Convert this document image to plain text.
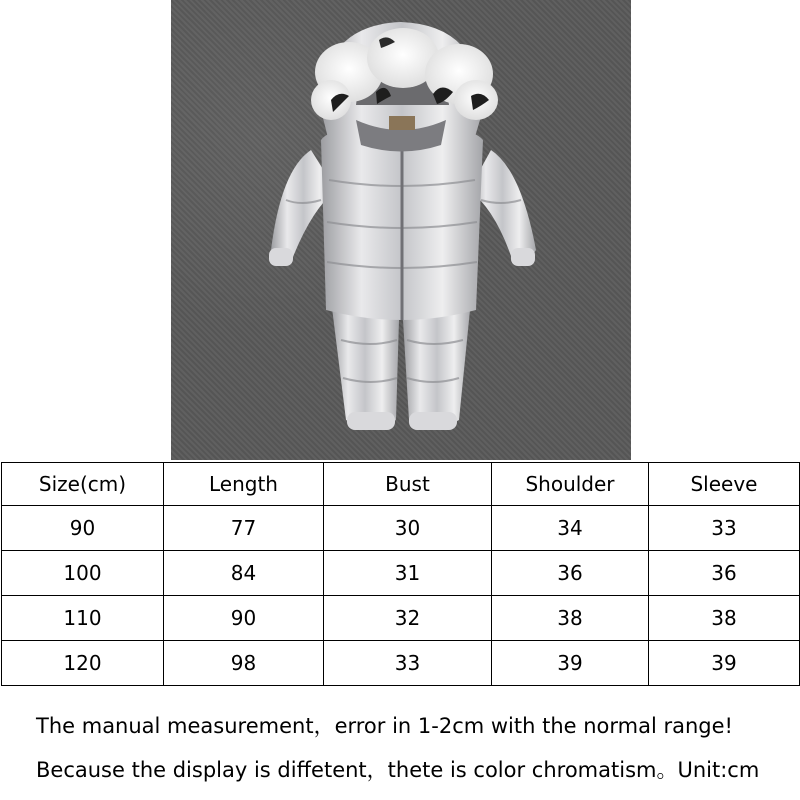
Size(cm)	Length	Bust	Shoulder	Sleeve
90	77	30	34	33
100	84	31	36	36
110	90	32	38	38
120	98	33	39	39
The manual measurement，error in 1-2cm with the normal range!
Because the display is diffetent，thete is color chromatism。Unit:cm
